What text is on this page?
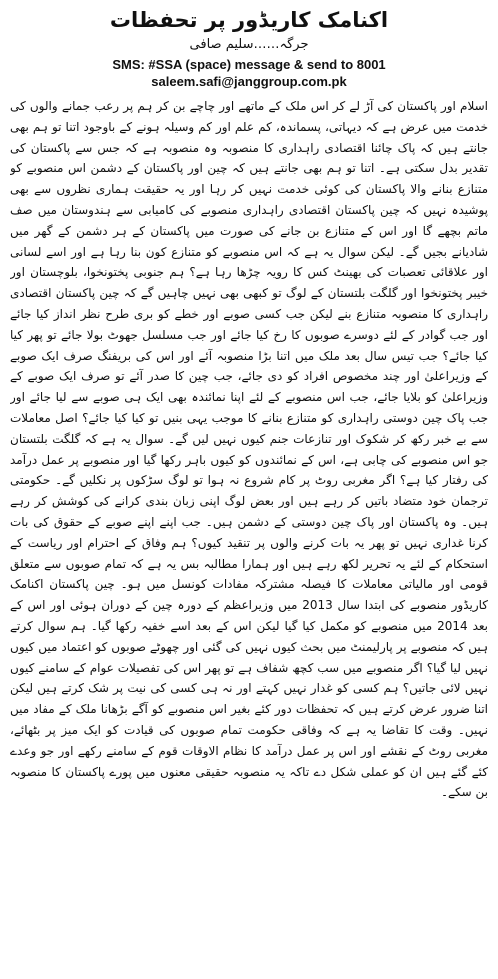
اکنامک کاریڈور پر تحفظات
جرگہ……سلیم صافی
SMS: #SSA (space) message & send to 8001
saleem.safi@janggroup.com.pk

اسلام اور پاکستان کی آڑ لے کر اس ملک کے ماتھے اور چاچے بن کر ہم پر رعب جمانے والوں کی خدمت میں عرض ہے کہ دیہاتی، پسماندہ، کم علم اور کم وسیلہ ہونے کے باوجود اتنا تو ہم بھی جانتے ہیں کہ پاک چائنا اقتصادی راہداری کا منصوبہ وہ منصوبہ ہے کہ جس سے پاکستان کی تقدیر بدل سکتی ہے۔ اتنا تو ہم بھی جانتے ہیں کہ چین اور پاکستان کے دشمن اس منصوبے کو متنازع بنانے والا پاکستان کی کوئی خدمت نہیں کر رہا اور یہ حقیقت ہماری نظروں سے بھی پوشیدہ نہیں کہ چین پاکستان اقتصادی راہداری منصوبے کی کامیابی سے ہندوستان میں صف ماتم بچھے گا اور اس کے متنازع بن جانے کی صورت میں پاکستان کے ہر دشمن کے گھر میں شادیانے بجیں گے۔ لیکن سوال یہ ہے کہ اس منصوبے کو متنازع کون بنا رہا ہے اور اسے لسانی اور علاقائی تعصبات کی بھینٹ کس کا رویہ چڑھا رہا ہے؟ ہم جنوبی پختونخوا، بلوچستان اور خیبر پختونخوا اور گلگت بلتستان کے لوگ تو کبھی بھی نہیں چاہیں گے کہ چین پاکستان اقتصادی راہداری کا منصوبہ متنازع بنے لیکن جب کسی صوبے اور خطے کو بری طرح نظر انداز کیا جائے اور جب گوادر کے لئے دوسرے صوبوں کا رخ کیا جائے اور جب مسلسل جھوٹ بولا جائے تو پھر کیا کیا جائے؟ جب تیس سال بعد ملک میں اتنا بڑا منصوبہ آئے اور اس کی بریفنگ صرف ایک صوبے کے وزیراعلیٰ اور چند مخصوص افراد کو دی جائے، جب چین کا صدر آئے تو صرف ایک صوبے کے وزیراعلیٰ کو بلایا جائے، جب اس منصوبے کے لئے اپنا نمائندہ بھی ایک ہی صوبے سے لیا جائے اور جب پاک چین دوستی راہداری کو متنازع بنانے کا موجب یہی بنیں تو کیا کیا جائے؟ اصل معاملات سے بے خبر رکھ کر شکوک اور تنازعات جنم کیوں نہیں لیں گے۔ سوال یہ ہے کہ گلگت بلتستان جو اس منصوبے کی چابی ہے، اس کے نمائندوں کو کیوں باہر رکھا گیا اور منصوبے پر عمل درآمد کی رفتار کیا ہے؟ اگر مغربی روٹ پر کام شروع نہ ہوا تو لوگ سڑکوں پر نکلیں گے۔ حکومتی ترجمان خود متضاد باتیں کر رہے ہیں اور بعض لوگ اپنی زبان بندی کرانے کی کوشش کر رہے ہیں۔ وہ پاکستان اور پاک چین دوستی کے دشمن ہیں۔ جب اپنے اپنے صوبے کے حقوق کی بات کرنا غداری نہیں تو پھر یہ بات کرنے والوں پر تنقید کیوں؟ ہم وفاق کے احترام اور ریاست کے استحکام کے لئے یہ تحریر لکھ رہے ہیں اور ہمارا مطالبہ بس یہ ہے کہ تمام صوبوں سے متعلق قومی اور مالیاتی معاملات کا فیصلہ مشترکہ مفادات کونسل میں ہو۔ چین پاکستان اکنامک کاریڈور منصوبے کی ابتدا سال 2013 میں وزیراعظم کے دورہ چین کے دوران ہوئی اور اس کے بعد 2014 میں منصوبے کو مکمل کیا گیا لیکن اس کے بعد اسے خفیہ رکھا گیا۔ ہم سوال کرتے ہیں کہ منصوبے پر پارلیمنٹ میں بحث کیوں نہیں کی گئی اور چھوٹے صوبوں کو اعتماد میں کیوں نہیں لیا گیا؟ اگر منصوبے میں سب کچھ شفاف ہے تو پھر اس کی تفصیلات عوام کے سامنے کیوں نہیں لائی جاتیں؟ ہم کسی کو غدار نہیں کہتے اور نہ ہی کسی کی نیت پر شک کرتے ہیں لیکن اتنا ضرور عرض کرتے ہیں کہ تحفظات دور کئے بغیر اس منصوبے کو آگے بڑھانا ملک کے مفاد میں نہیں۔ وقت کا تقاضا یہ ہے کہ وفاقی حکومت تمام صوبوں کی قیادت کو ایک میز پر بٹھائے، مغربی روٹ کے نقشے اور اس پر عمل درآمد کا نظام الاوقات قوم کے سامنے رکھے اور جو وعدے کئے گئے ہیں ان کو عملی شکل دے تاکہ یہ منصوبہ حقیقی معنوں میں پورے پاکستان کا منصوبہ بن سکے۔
